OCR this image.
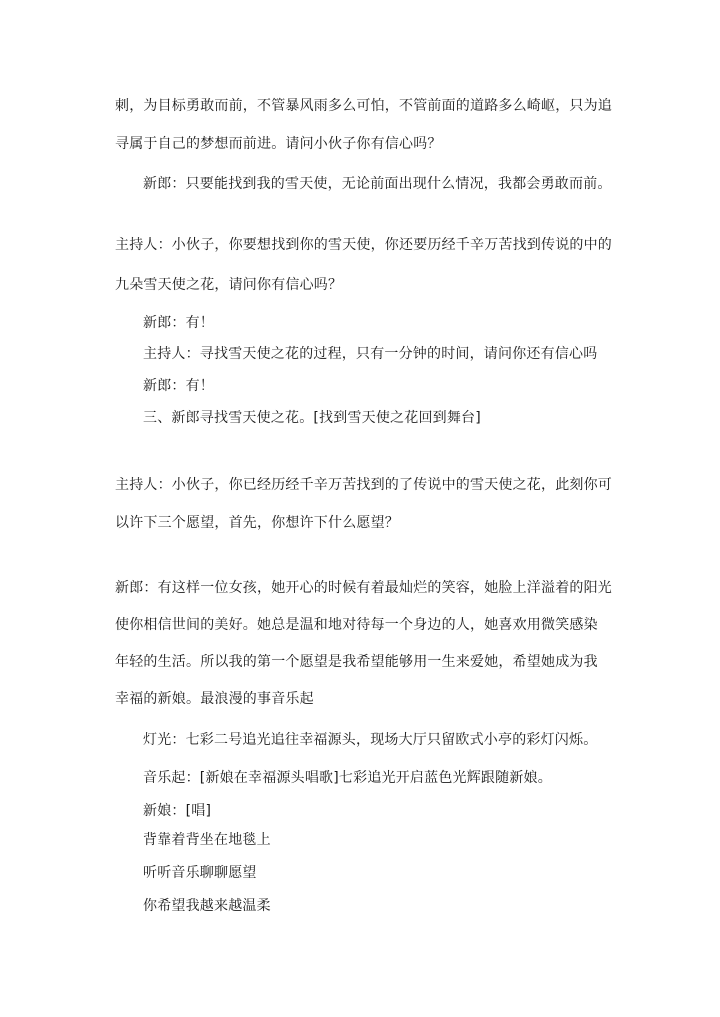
刺，为目标勇敢而前，不管暴风雨多么可怕，不管前面的道路多么崎岖，只为追
寻属于自己的梦想而前进。请问小伙子你有信心吗？
新郎：只要能找到我的雪天使，无论前面出现什么情况，我都会勇敢而前。
主持人：小伙子，你要想找到你的雪天使，你还要历经千辛万苦找到传说的中的
九朵雪天使之花，请问你有信心吗？
新郎：有！
主持人：寻找雪天使之花的过程，只有一分钟的时间，请问你还有信心吗
新郎：有！
三、新郎寻找雪天使之花。[找到雪天使之花回到舞台]
主持人：小伙子，你已经历经千辛万苦找到的了传说中的雪天使之花，此刻你可
以许下三个愿望，首先，你想许下什么愿望？
新郎：有这样一位女孩，她开心的时候有着最灿烂的笑容，她脸上洋溢着的阳光
使你相信世间的美好。她总是温和地对待每一个身边的人，她喜欢用微笑感染
年轻的生活。所以我的第一个愿望是我希望能够用一生来爱她，希望她成为我
幸福的新娘。最浪漫的事音乐起
灯光：七彩二号追光追往幸福源头，现场大厅只留欧式小亭的彩灯闪烁。
音乐起：[新娘在幸福源头唱歌]七彩追光开启蓝色光辉跟随新娘。
新娘：[唱]
背靠着背坐在地毯上
听听音乐聊聊愿望
你希望我越来越温柔
